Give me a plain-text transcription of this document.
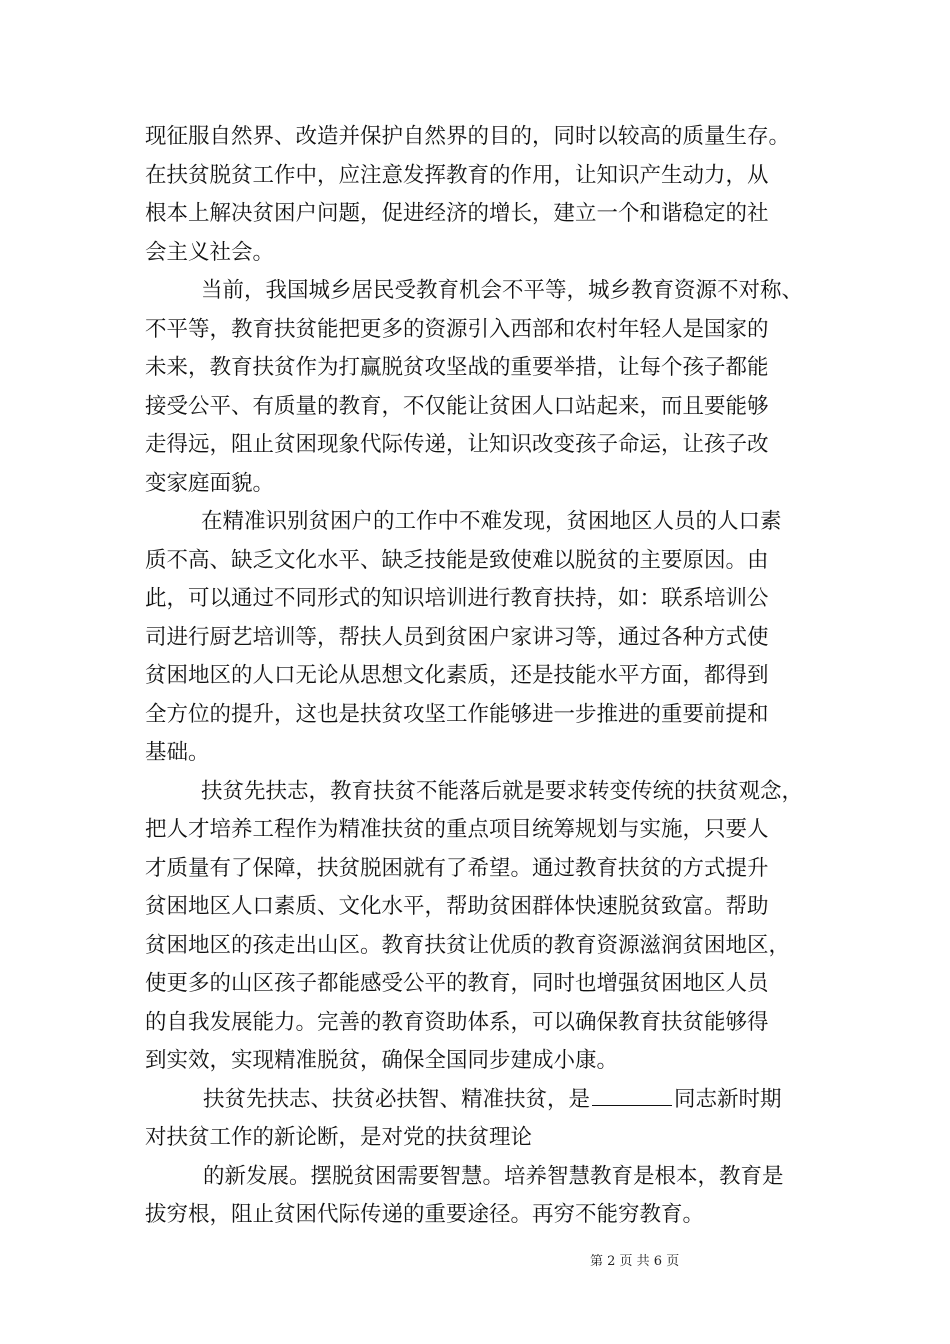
现征服自然界、改造并保护自然界的目的，同时以较高的质量生存。
在扶贫脱贫工作中，应注意发挥教育的作用，让知识产生动力，从
根本上解决贫困户问题，促进经济的增长，建立一个和谐稳定的社
会主义社会。
当前，我国城乡居民受教育机会不平等，城乡教育资源不对称、
不平等，教育扶贫能把更多的资源引入西部和农村年轻人是国家的
未来，教育扶贫作为打赢脱贫攻坚战的重要举措，让每个孩子都能
接受公平、有质量的教育，不仅能让贫困人口站起来，而且要能够
走得远，阻止贫困现象代际传递，让知识改变孩子命运，让孩子改
变家庭面貌。
在精准识别贫困户的工作中不难发现，贫困地区人员的人口素
质不高、缺乏文化水平、缺乏技能是致使难以脱贫的主要原因。由
此，可以通过不同形式的知识培训进行教育扶持，如：联系培训公
司进行厨艺培训等，帮扶人员到贫困户家讲习等，通过各种方式使
贫困地区的人口无论从思想文化素质，还是技能水平方面，都得到
全方位的提升，这也是扶贫攻坚工作能够进一步推进的重要前提和
基础。
扶贫先扶志，教育扶贫不能落后就是要求转变传统的扶贫观念，
把人才培养工程作为精准扶贫的重点项目统筹规划与实施，只要人
才质量有了保障，扶贫脱困就有了希望。通过教育扶贫的方式提升
贫困地区人口素质、文化水平，帮助贫困群体快速脱贫致富。帮助
贫困地区的孩走出山区。教育扶贫让优质的教育资源滋润贫困地区，
使更多的山区孩子都能感受公平的教育，同时也增强贫困地区人员
的自我发展能力。完善的教育资助体系，可以确保教育扶贫能够得
到实效，实现精准脱贫，确保全国同步建成小康。
扶贫先扶志、扶贫必扶智、精准扶贫，是	同志新时期
对扶贫工作的新论断，是对党的扶贫理论
的新发展。摆脱贫困需要智慧。培养智慧教育是根本，教育是
拔穷根，阻止贫困代际传递的重要途径。再穷不能穷教育。
第 2 页 共 6 页
